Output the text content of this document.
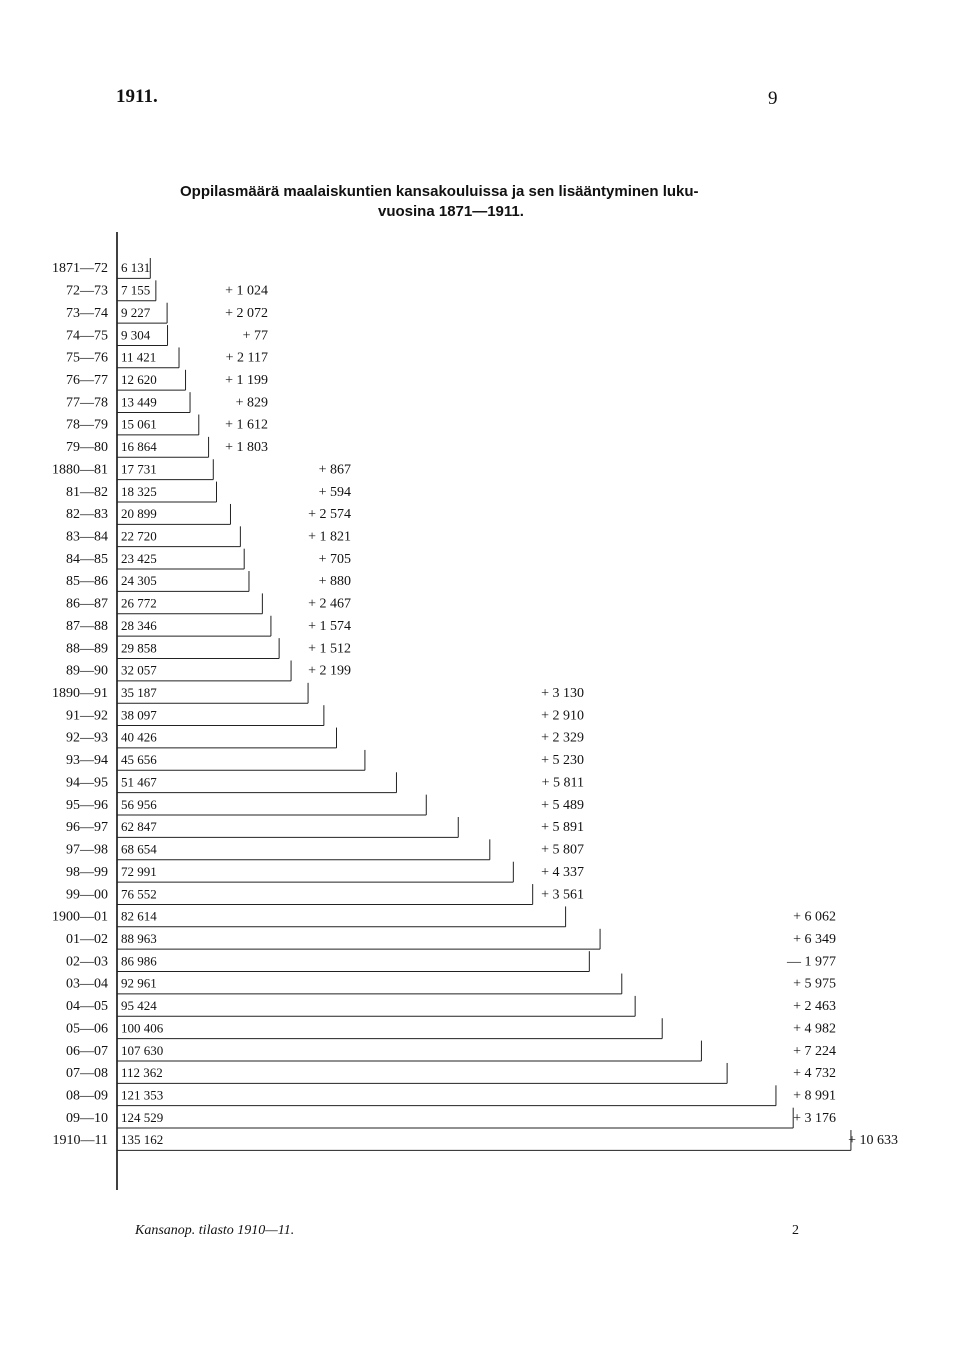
1911.	9
Oppilasmäärä maalaiskuntien kansakouluissa ja sen lisääntyminen luku-
vuosina 1871—1911.
1871—72 6 131
72—73 7 155	+ 1 024
73—74 9 227	+ 2 072
74—75 9 304	+ 77
75—76 11 421	+ 2 117
76—77 12 620	+ 1 199
77—78 13 449	+ 829
78—79 15 061	+ 1 612
79—80 16 864	+ 1 803
1880—81 17 731	+ 867
81—82 18 325	+ 594
82—83 20 899	+ 2 574
83—84 22 720	+ 1 821
84—85 23 425	+ 705
85—86 24 305	+ 880
86—87 26 772	+ 2 467
87—88 28 346	+ 1 574
88—89 29 858	+ 1 512
89—90 32 057	+ 2 199
1890—91 35 187	+ 3 130
91—92 38 097	+ 2 910
92—93 40 426	+ 2 329
93—94 45 656	+ 5 230
94—95 51 467	+ 5 811
95—96 56 956	+ 5 489
96—97 62 847	+ 5 891
97—98 68 654	+ 5 807
98—99 72 991	+ 4 337
99—00 76 552	+ 3 561
1900—01 82 614	+ 6 062
01—02 88 963	+ 6 349
02—03 86 986	— 1 977
03—04 92 961	+ 5 975
04—05 95 424	+ 2 463
05—06 100 406	+ 4 982
06—07 107 630	+ 7 224
07—08 112 362	+ 4 732
08—09 121 353	+ 8 991
09—10 124 529	+ 3 176
1910—11 135 162	+ 10 633
Kansanop. tilasto 1910—11.	2
